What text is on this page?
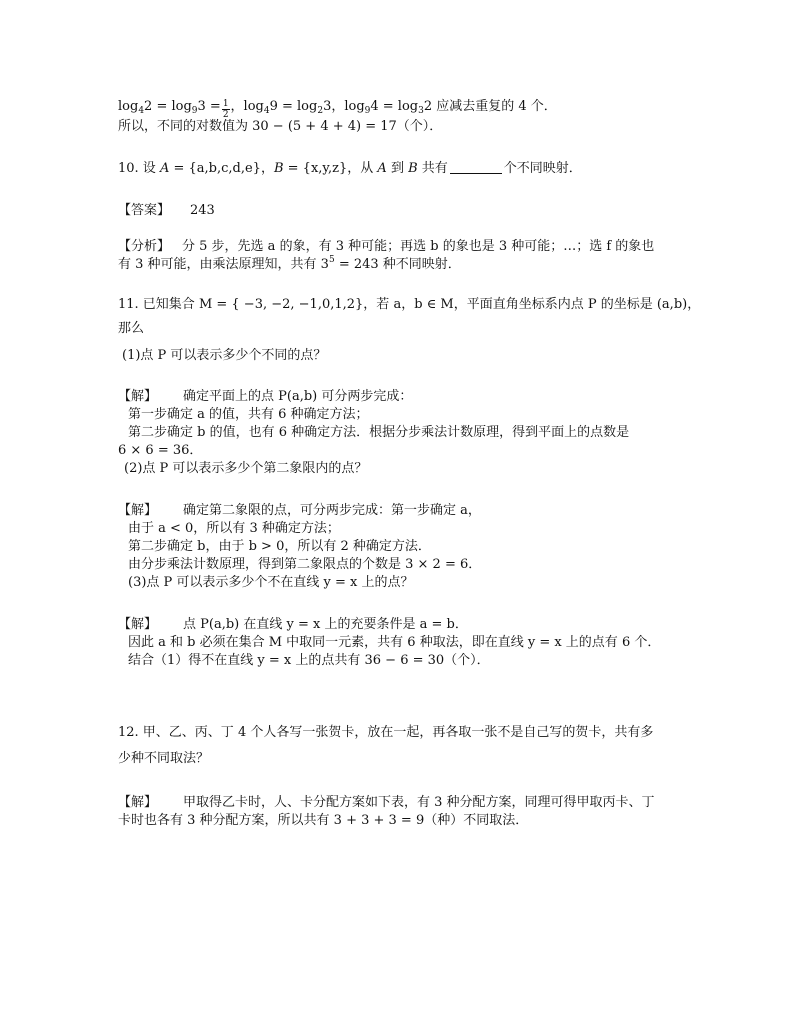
$\log_42 = \log_93 = \frac{1}{2}$ ，$\log_49 = \log_23$，$\log_94 = \log_32$ 应减去重复的 4 个．
所以，不同的对数值为 30 − (5 + 4 + 4) = 17（个）．
10. 设 A = {a,b,c,d,e}，B = {x,y,z}，从 A 到 B 共有	个不同映射．
【答案】 243
【分析】 分 5 步，先选 a 的象，有 3 种可能；再选 b 的象也是 3 种可能；…；选 f 的象也
有 3 种可能，由乘法原理知，共有 $3^5 = 243$ 种不同映射．
11. 已知集合 M = { −3, −2, −1,0,1,2}，若 a，b ∈ M，平面直角坐标系内点 P 的坐标是 (a,b)，
那么
(1)点 P 可以表示多少个不同的点？
【解】 确定平面上的点 P(a,b) 可分两步完成：
第一步确定 a 的值，共有 6 种确定方法；
第二步确定 b 的值，也有 6 种确定方法．根据分步乘法计数原理，得到平面上的点数是
6 × 6 = 36．
(2)点 P 可以表示多少个第二象限内的点？
【解】 确定第二象限的点，可分两步完成：第一步确定 a，
由于 a < 0，所以有 3 种确定方法；
第二步确定 b，由于 b > 0，所以有 2 种确定方法．
由分步乘法计数原理，得到第二象限点的个数是 3 × 2 = 6．
(3)点 P 可以表示多少个不在直线 y = x 上的点？
【解】 点 P(a,b) 在直线 y = x 上的充要条件是 a = b．
因此 a 和 b 必须在集合 M 中取同一元素，共有 6 种取法，即在直线 y = x 上的点有 6 个．
结合（1）得不在直线 y = x 上的点共有 36 − 6 = 30（个）．
12. 甲、乙、丙、丁 4 个人各写一张贺卡，放在一起，再各取一张不是自己写的贺卡，共有多
少种不同取法？
【解】 甲取得乙卡时，人、卡分配方案如下表，有 3 种分配方案，同理可得甲取丙卡、丁
卡时也各有 3 种分配方案，所以共有 3 + 3 + 3 = 9（种）不同取法．
